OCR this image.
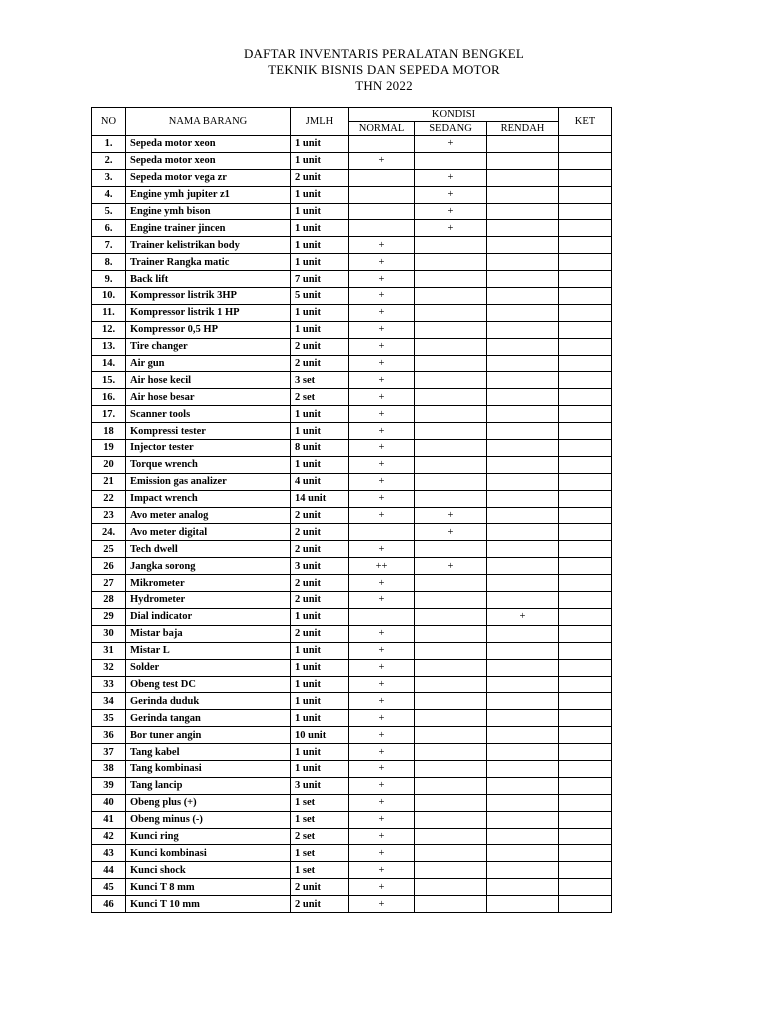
DAFTAR INVENTARIS PERALATAN BENGKEL
TEKNIK BISNIS DAN SEPEDA MOTOR
THN 2022
NO	NAMA BARANG	JMLH	KONDISI			KET
			NORMAL	SEDANG	RENDAH	
1.	Sepeda motor xeon	1 unit		+		
2.	Sepeda motor xeon	1 unit	+			
3.	Sepeda motor vega zr	2 unit		+		
4.	Engine ymh jupiter z1	1 unit		+		
5.	Engine ymh bison	1 unit		+		
6.	Engine trainer jincen	1 unit		+		
7.	Trainer kelistrikan body	1 unit	+			
8.	Trainer Rangka matic	1 unit	+			
9.	Back lift	7 unit	+			
10.	Kompressor listrik 3HP	5 unit	+			
11.	Kompressor listrik 1 HP	1 unit	+			
12.	Kompressor 0,5 HP	1 unit	+			
13.	Tire changer	2 unit	+			
14.	Air gun	2 unit	+			
15.	Air hose kecil	3 set	+			
16.	Air hose besar	2 set	+			
17.	Scanner tools	1 unit	+			
18	Kompressi tester	1 unit	+			
19	Injector tester	8 unit	+			
20	Torque wrench	1 unit	+			
21	Emission gas analizer	4 unit	+			
22	Impact wrench	14 unit	+			
23	Avo meter analog	2 unit	+	+		
24.	Avo meter digital	2 unit		+		
25	Tech dwell	2 unit	+			
26	Jangka sorong	3 unit	++	+		
27	Mikrometer	2 unit	+			
28	Hydrometer	2 unit	+			
29	Dial indicator	1 unit			+	
30	Mistar baja	2 unit	+			
31	Mistar L	1 unit	+			
32	Solder	1 unit	+			
33	Obeng test DC	1 unit	+			
34	Gerinda duduk	1 unit	+			
35	Gerinda tangan	1 unit	+			
36	Bor tuner angin	10 unit	+			
37	Tang kabel	1 unit	+			
38	Tang kombinasi	1 unit	+			
39	Tang lancip	3 unit	+			
40	Obeng plus (+)	1 set	+			
41	Obeng minus (-)	1 set	+			
42	Kunci ring	2 set	+			
43	Kunci kombinasi	1 set	+			
44	Kunci shock	1 set	+			
45	Kunci T 8 mm	2 unit	+			
46	Kunci T 10 mm	2 unit	+			
